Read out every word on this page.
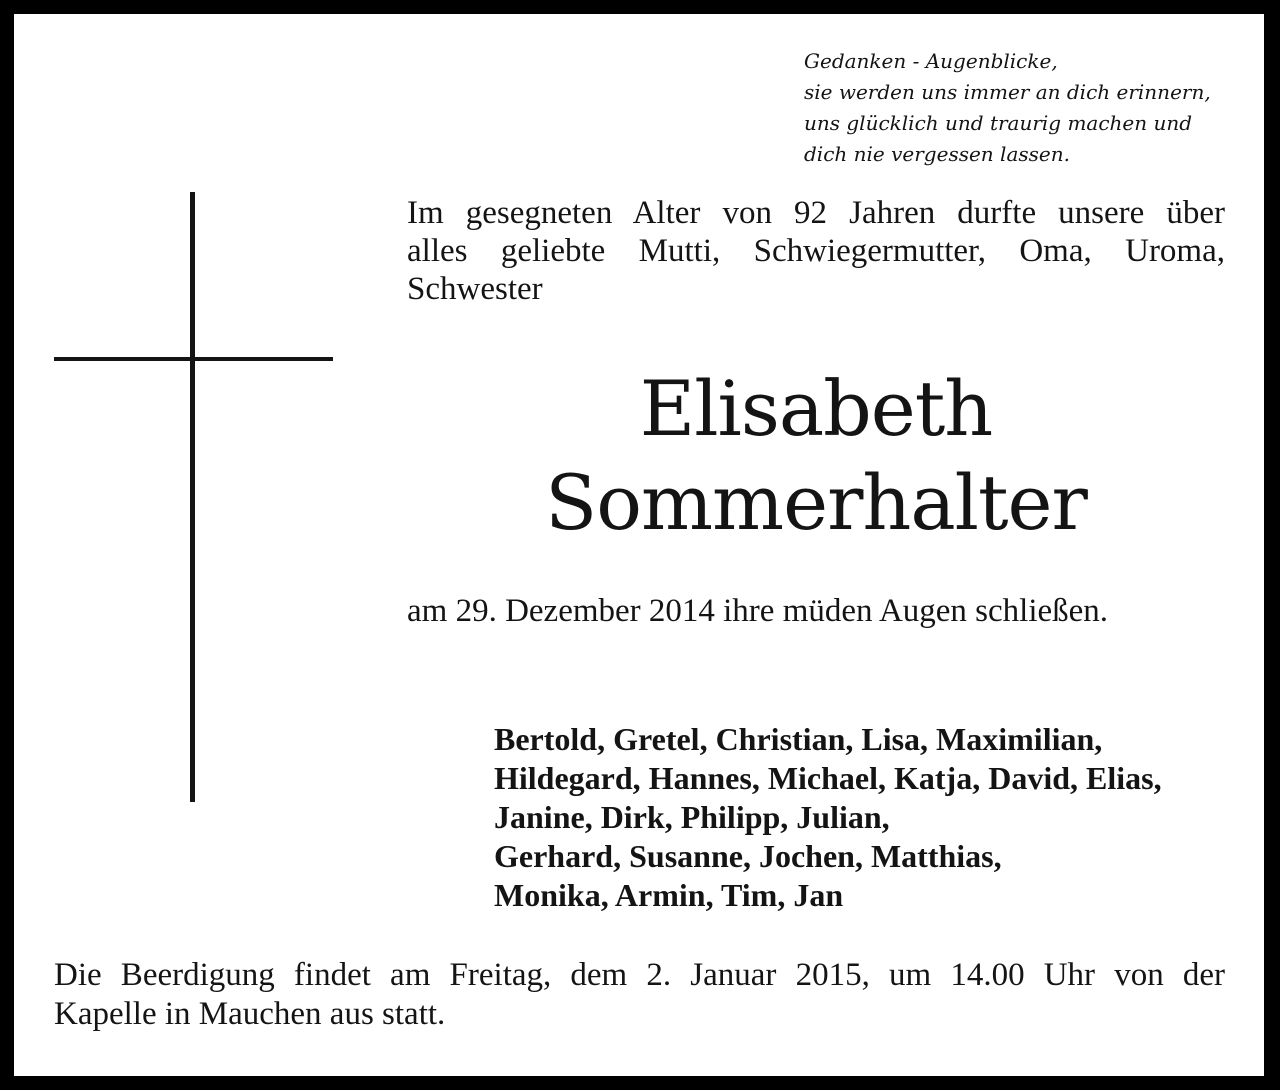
Gedanken - Augenblicke,
sie werden uns immer an dich erinnern,
uns glücklich und traurig machen und
dich nie vergessen lassen.
Im gesegneten Alter von 92 Jahren durfte unsere über
alles geliebte Mutti, Schwiegermutter, Oma, Uroma,
Schwester
Elisabeth
Sommerhalter
am 29. Dezember 2014 ihre müden Augen schließen.
Bertold, Gretel, Christian, Lisa, Maximilian,
Hildegard, Hannes, Michael, Katja, David, Elias,
Janine, Dirk, Philipp, Julian,
Gerhard, Susanne, Jochen, Matthias,
Monika, Armin, Tim, Jan
Die Beerdigung findet am Freitag, dem 2. Januar 2015, um 14.00 Uhr von der
Kapelle in Mauchen aus statt.
